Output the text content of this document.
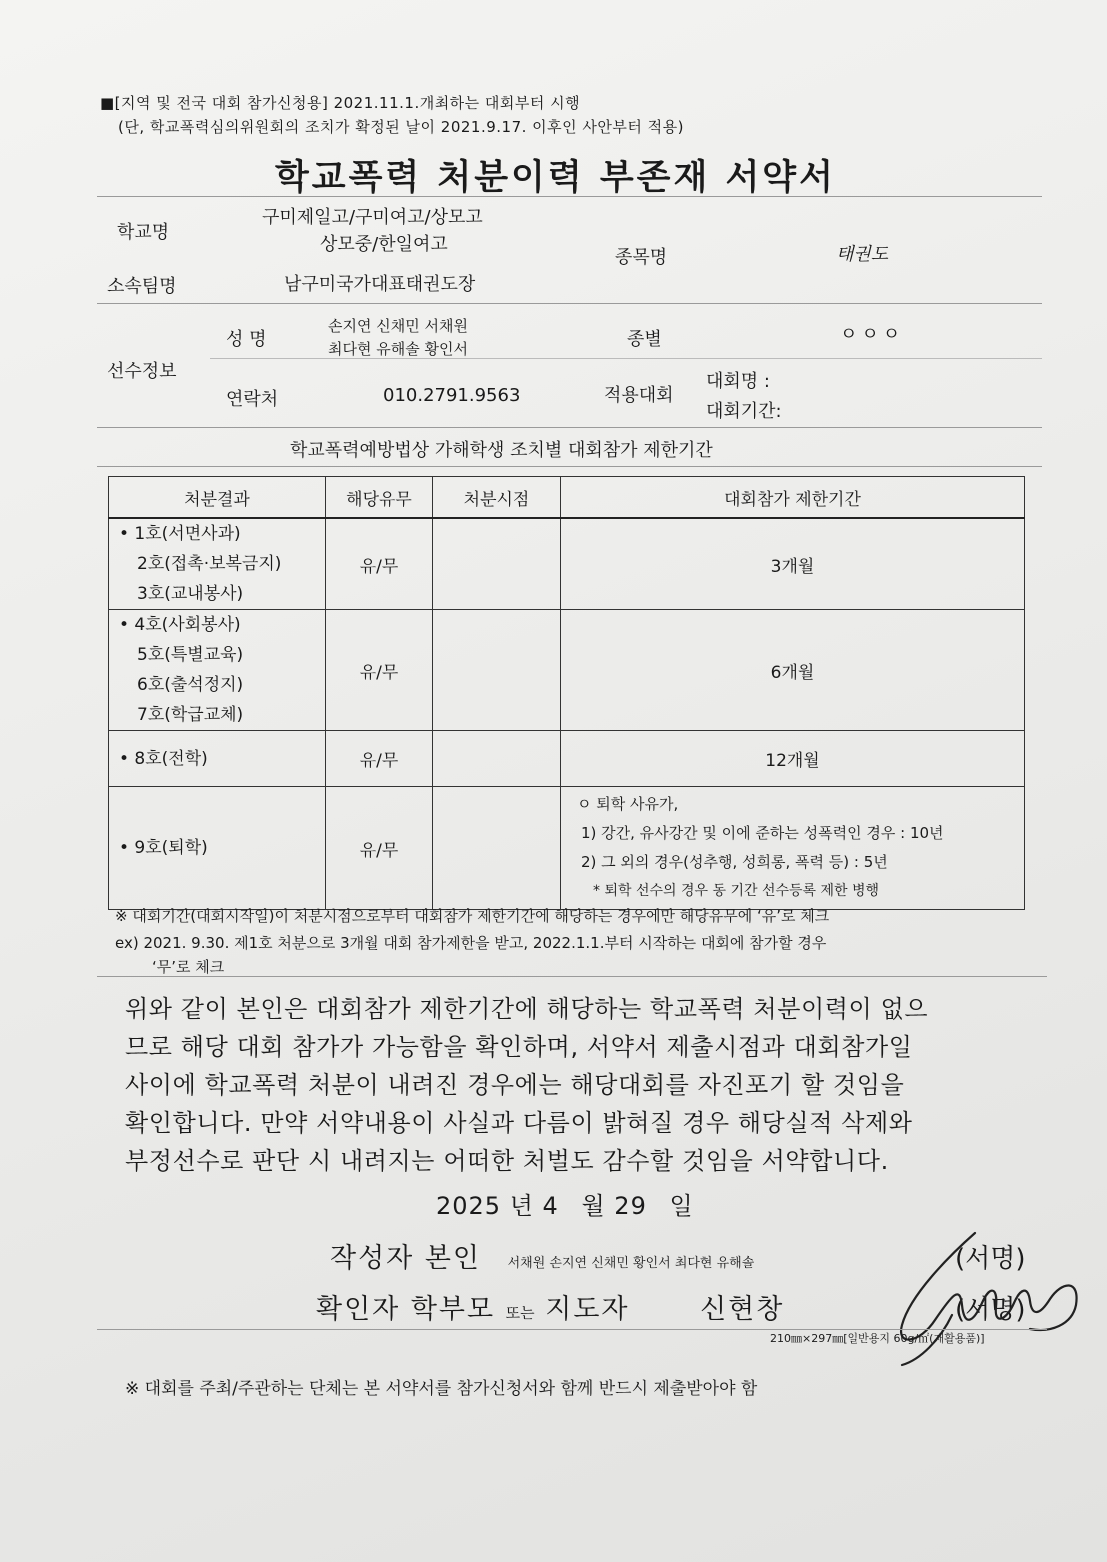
■[지역 및 전국 대회 참가신청용] 2021.11.1.개최하는 대회부터 시행
(단, 학교폭력심의위원회의 조치가 확정된 날이 2021.9.17. 이후인 사안부터 적용)
학교폭력 처분이력 부존재 서약서
학교명
구미제일고/구미여고/상모고
상모중/한일여고
종목명	태권도
소속팀명	남구미국가대표태권도장
선수정보
성 명
손지연 신채민 서채원
최다현 유해솔 황인서	종별	ㅇㅇㅇ
연락처	010.2791.9563	적용대회
대회명 :
대회기간:
학교폭력예방법상 가해학생 조치별 대회참가 제한기간
처분결과	해당유무	처분시점	대회참가 제한기간

• 1호(서면사과)
2호(접촉·보복금지)
3호(교내봉사)	유/무		3개월

• 4호(사회봉사)
5호(특별교육)
6호(출석정지)
7호(학급교체)	유/무		6개월

• 8호(전학)	유/무		12개월

• 9호(퇴학)	유/무		ㅇ 퇴학 사유가,
1) 강간, 유사강간 및 이에 준하는 성폭력인 경우 : 10년
2) 그 외의 경우(성추행, 성희롱, 폭력 등) : 5년
* 퇴학 선수의 경우 동 기간 선수등록 제한 병행
※ 대회기간(대회시작일)이 처분시점으로부터 대회참가 제한기간에 해당하는 경우에만 해당유무에 ‘유’로 체크
ex) 2021. 9.30. 제1호 처분으로 3개월 대회 참가제한을 받고, 2022.1.1.부터 시작하는 대회에 참가할 경우
‘무’로 체크
위와 같이 본인은 대회참가 제한기간에 해당하는 학교폭력 처분이력이 없으
므로 해당 대회 참가가 가능함을 확인하며, 서약서 제출시점과 대회참가일
사이에 학교폭력 처분이 내려진 경우에는 해당대회를 자진포기 할 것임을
확인합니다. 만약 서약내용이 사실과 다름이 밝혀질 경우 해당실적 삭제와
부정선수로 판단 시 내려지는 어떠한 처벌도 감수할 것임을 서약합니다.
2025 년 4 월 29 일
작성자 본인 서채원 손지연 신채민 황인서 최다현 유해솔	(서명)
확인자 학부모 또는 지도자	신현창	(서명)
210㎜×297㎜[일반용지 60g/㎡(재활용품)]
※ 대회를 주최/주관하는 단체는 본 서약서를 참가신청서와 함께 반드시 제출받아야 함
